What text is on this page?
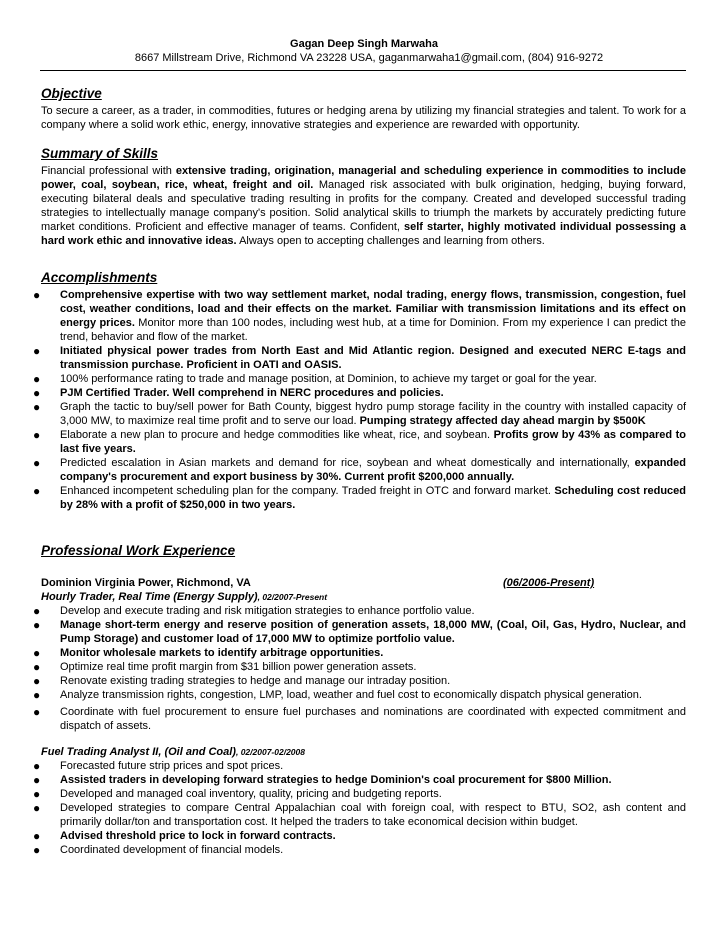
Gagan Deep Singh Marwaha
8667 Millstream Drive, Richmond VA 23228 USA, gaganmarwaha1@gmail.com, (804) 916-9272
Objective

To secure a career, as a trader, in commodities, futures or hedging arena by utilizing my financial strategies and talent. To work for a company where a solid work ethic, energy, innovative strategies and experience are rewarded with opportunity.

Summary of Skills

Financial professional with extensive trading, origination, managerial and scheduling experience in commodities to include power, coal, soybean, rice, wheat, freight and oil. Managed risk associated with bulk origination, hedging, buying forward, executing bilateral deals and speculative trading resulting in profits for the company. Created and developed successful trading strategies to intellectually manage company's position. Solid analytical skills to triumph the markets by accurately predicting future market conditions. Proficient and effective manager of teams. Confident, self starter, highly motivated individual possessing a hard work ethic and innovative ideas. Always open to accepting challenges and learning from others.

Accomplishments
● Comprehensive expertise with two way settlement market, nodal trading, energy flows, transmission, congestion, fuel cost, weather conditions, load and their effects on the market. Familiar with transmission limitations and its effect on energy prices. Monitor more than 100 nodes, including west hub, at a time for Dominion. From my experience I can predict the trend, behavior and flow of the market.
● Initiated physical power trades from North East and Mid Atlantic region. Designed and executed NERC E-tags and transmission purchase. Proficient in OATI and OASIS.
● 100% performance rating to trade and manage position, at Dominion, to achieve my target or goal for the year.
● PJM Certified Trader. Well comprehend in NERC procedures and policies.
● Graph the tactic to buy/sell power for Bath County, biggest hydro pump storage facility in the country with installed capacity of 3,000 MW, to maximize real time profit and to serve our load. Pumping strategy affected day ahead margin by $500K
● Elaborate a new plan to procure and hedge commodities like wheat, rice, and soybean. Profits grow by 43% as compared to last five years.
● Predicted escalation in Asian markets and demand for rice, soybean and wheat domestically and internationally, expanded company's procurement and export business by 30%. Current profit $200,000 annually.
● Enhanced incompetent scheduling plan for the company. Traded freight in OTC and forward market. Scheduling cost reduced by 28% with a profit of $250,000 in two years.
Professional Work Experience
Dominion Virginia Power, Richmond, VA	(06/2006-Present)
Hourly Trader, Real Time (Energy Supply), 02/2007-Present
● Develop and execute trading and risk mitigation strategies to enhance portfolio value.
● Manage short-term energy and reserve position of generation assets, 18,000 MW, (Coal, Oil, Gas, Hydro, Nuclear, and Pump Storage) and customer load of 17,000 MW to optimize portfolio value.
● Monitor wholesale markets to identify arbitrage opportunities.
● Optimize real time profit margin from $31 billion power generation assets.
● Renovate existing trading strategies to hedge and manage our intraday position.
● Analyze transmission rights, congestion, LMP, load, weather and fuel cost to economically dispatch physical generation.
● Coordinate with fuel procurement to ensure fuel purchases and nominations are coordinated with expected commitment and dispatch of assets.
Fuel Trading Analyst II, (Oil and Coal), 02/2007-02/2008
● Forecasted future strip prices and spot prices.
● Assisted traders in developing forward strategies to hedge Dominion's coal procurement for $800 Million.
● Developed and managed coal inventory, quality, pricing and budgeting reports.
● Developed strategies to compare Central Appalachian coal with foreign coal, with respect to BTU, SO2, ash content and primarily dollar/ton and transportation cost. It helped the traders to take economical decision within budget.
● Advised threshold price to lock in forward contracts.
● Coordinated development of financial models.
